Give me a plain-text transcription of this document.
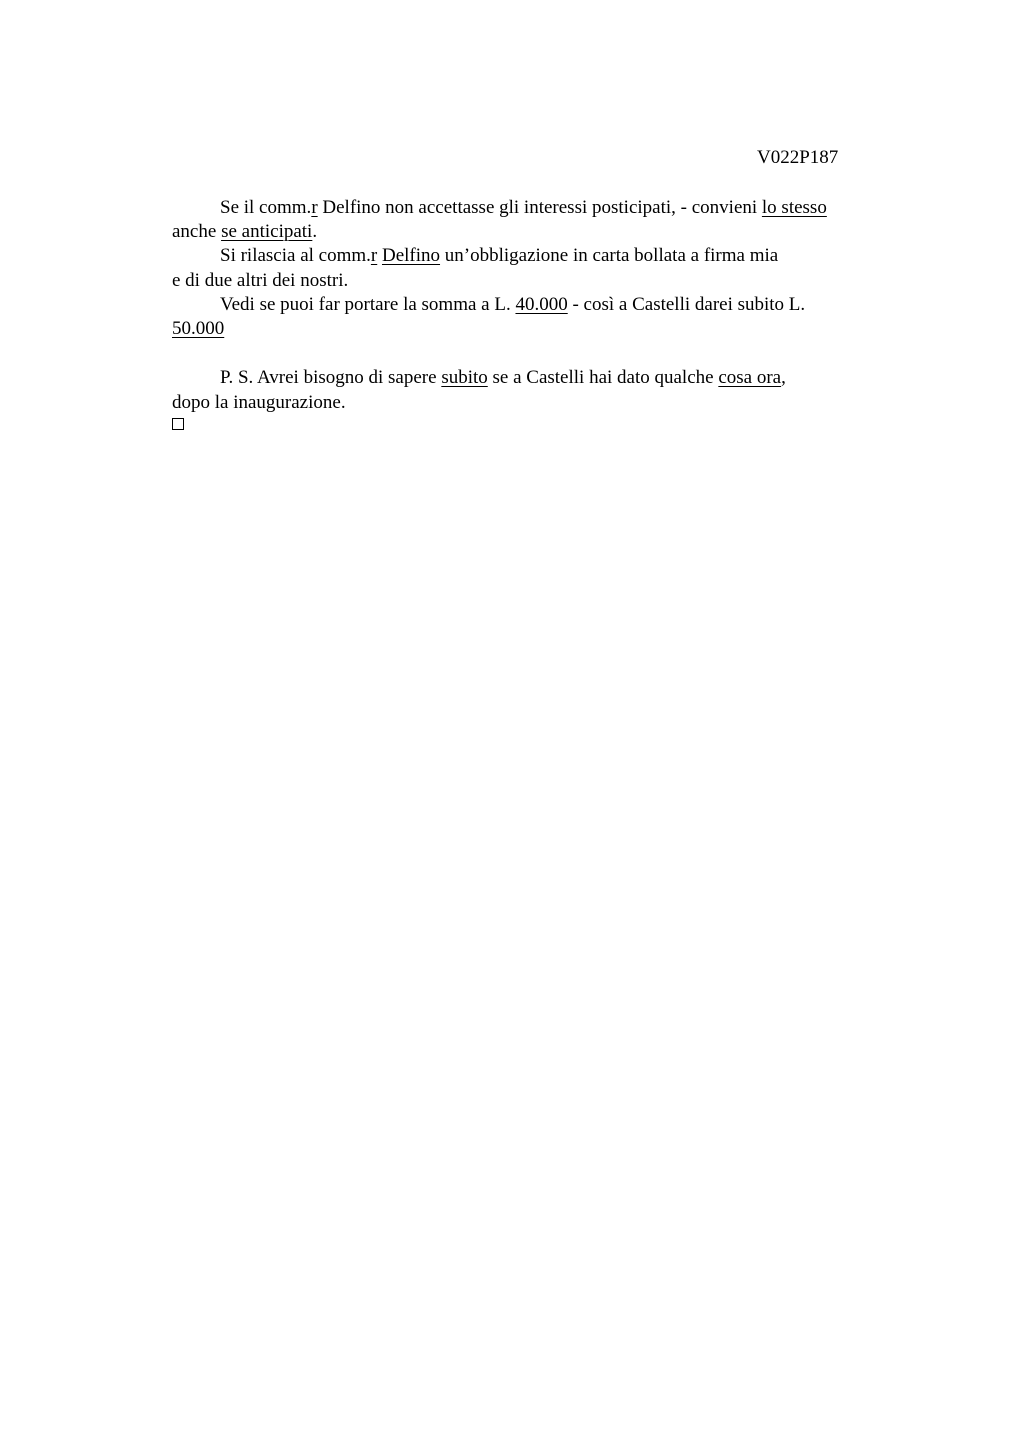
V022P187
Se il comm.r Delfino non accettasse gli interessi posticipati, - convieni lo stesso
anche se anticipati.
Si rilascia al comm.r Delfino un’obbligazione in carta bollata a firma mia
e di due altri dei nostri.
Vedi se puoi far portare la somma a L. 40.000 - così a Castelli darei subito L.
50.000
P. S. Avrei bisogno di sapere subito se a Castelli hai dato qualche cosa ora,
dopo la inaugurazione.
